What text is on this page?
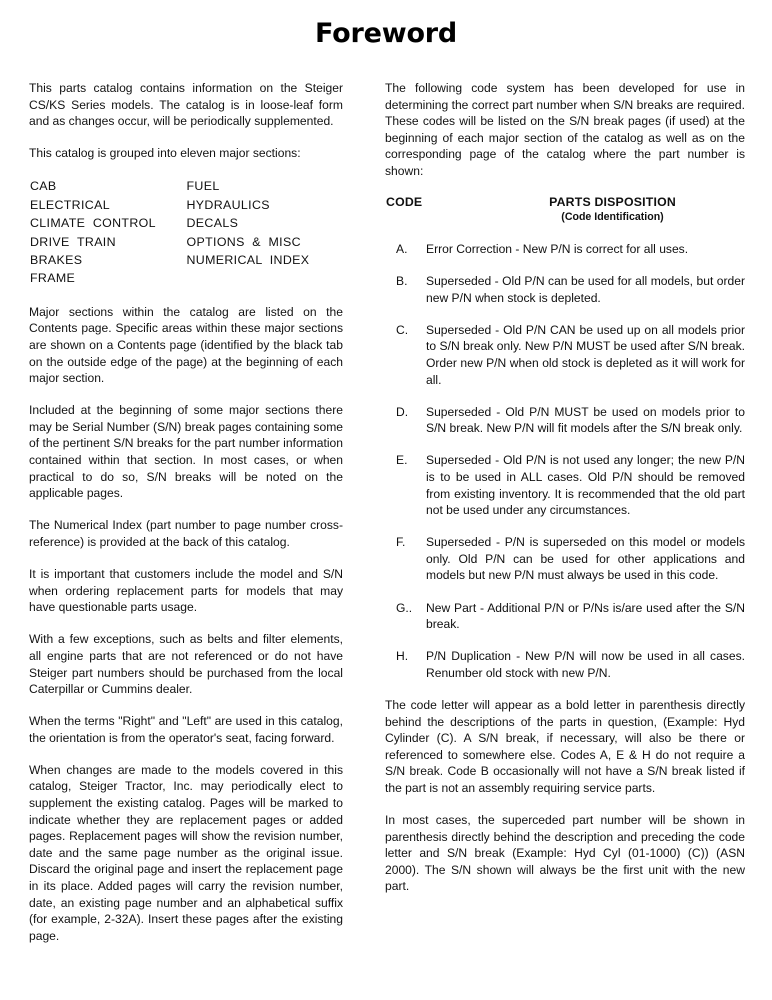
Foreword

This parts catalog contains information on the Steiger CS/KS Series models. The catalog is in loose-leaf form and as changes occur, will be periodically supplemented.

This catalog is grouped into eleven major sections:

CAB
ELECTRICAL
CLIMATE  CONTROL
DRIVE  TRAIN
BRAKES
FRAME
FUEL
HYDRAULICS
DECALS
OPTIONS  &  MISC
NUMERICAL  INDEX

Major sections within the catalog are listed on the Contents page. Specific areas within these major sections are shown on a Contents page (identified by the black tab on the outside edge of the page) at the beginning of each major section.

Included at the beginning of some major sections there may be Serial Number (S/N) break pages containing some of the pertinent S/N breaks for the part number information contained within that section. In most cases, or when practical to do so, S/N breaks will be noted on the applicable pages.

The Numerical Index (part number to page number cross-reference) is provided at the back of this catalog.

It is important that customers include the model and S/N when ordering replacement parts for models that may have questionable parts usage.

With a few exceptions, such as belts and filter elements, all engine parts that are not referenced or do not have Steiger part numbers should be purchased from the local Caterpillar or Cummins dealer.

When the terms "Right" and "Left" are used in this catalog, the orientation is from the operator's seat, facing forward.

When changes are made to the models covered in this catalog, Steiger Tractor, Inc. may periodically elect to supplement the existing catalog. Pages will be marked to indicate whether they are replacement pages or added pages. Replacement pages will show the revision number, date and the same page number as the original issue. Discard the original page and insert the replacement page in its place. Added pages will carry the revision number, date, an existing page number and an alphabetical suffix (for example, 2-32A). Insert these pages after the existing page.

The following code system has been developed for use in determining the correct part number when S/N breaks are required. These codes will be listed on the S/N break pages (if used) at the beginning of each major section of the catalog as well as on the corresponding page of the catalog where the part number is shown:

CODE	PARTS DISPOSITION
(Code Identification)
A.	Error Correction - New P/N is correct for all uses.
B.	Superseded - Old P/N can be used for all models, but order new P/N when stock is depleted.
C.	Superseded - Old P/N CAN be used up on all models prior to S/N break only. New P/N MUST be used after S/N break. Order new P/N when old stock is depleted as it will work for all.
D.	Superseded - Old P/N MUST be used on models prior to S/N break. New P/N will fit models after the S/N break only.
E.	Superseded - Old P/N is not used any longer; the new P/N is to be used in ALL cases. Old P/N should be removed from existing inventory. It is recommended that the old part not be used under any circumstances.
F.	Superseded - P/N is superseded on this model or models only. Old P/N can be used for other applications and models but new P/N must always be used in this code.
G..	New Part - Additional P/N or P/Ns is/are used after the S/N break.
H.	P/N Duplication - New P/N will now be used in all cases. Renumber old stock with new P/N.

The code letter will appear as a bold letter in parenthesis directly behind the descriptions of the parts in question, (Example: Hyd Cylinder (C). A S/N break, if necessary, will also be there or referenced to somewhere else. Codes A, E & H do not require a S/N break. Code B occasionally will not have a S/N break listed if the part is not an assembly requiring service parts.

In most cases, the superceded part number will be shown in parenthesis directly behind the description and preceding the code letter and S/N break (Example: Hyd Cyl (01-1000) (C)) (ASN 2000). The S/N shown will always be the first unit with the new part.
